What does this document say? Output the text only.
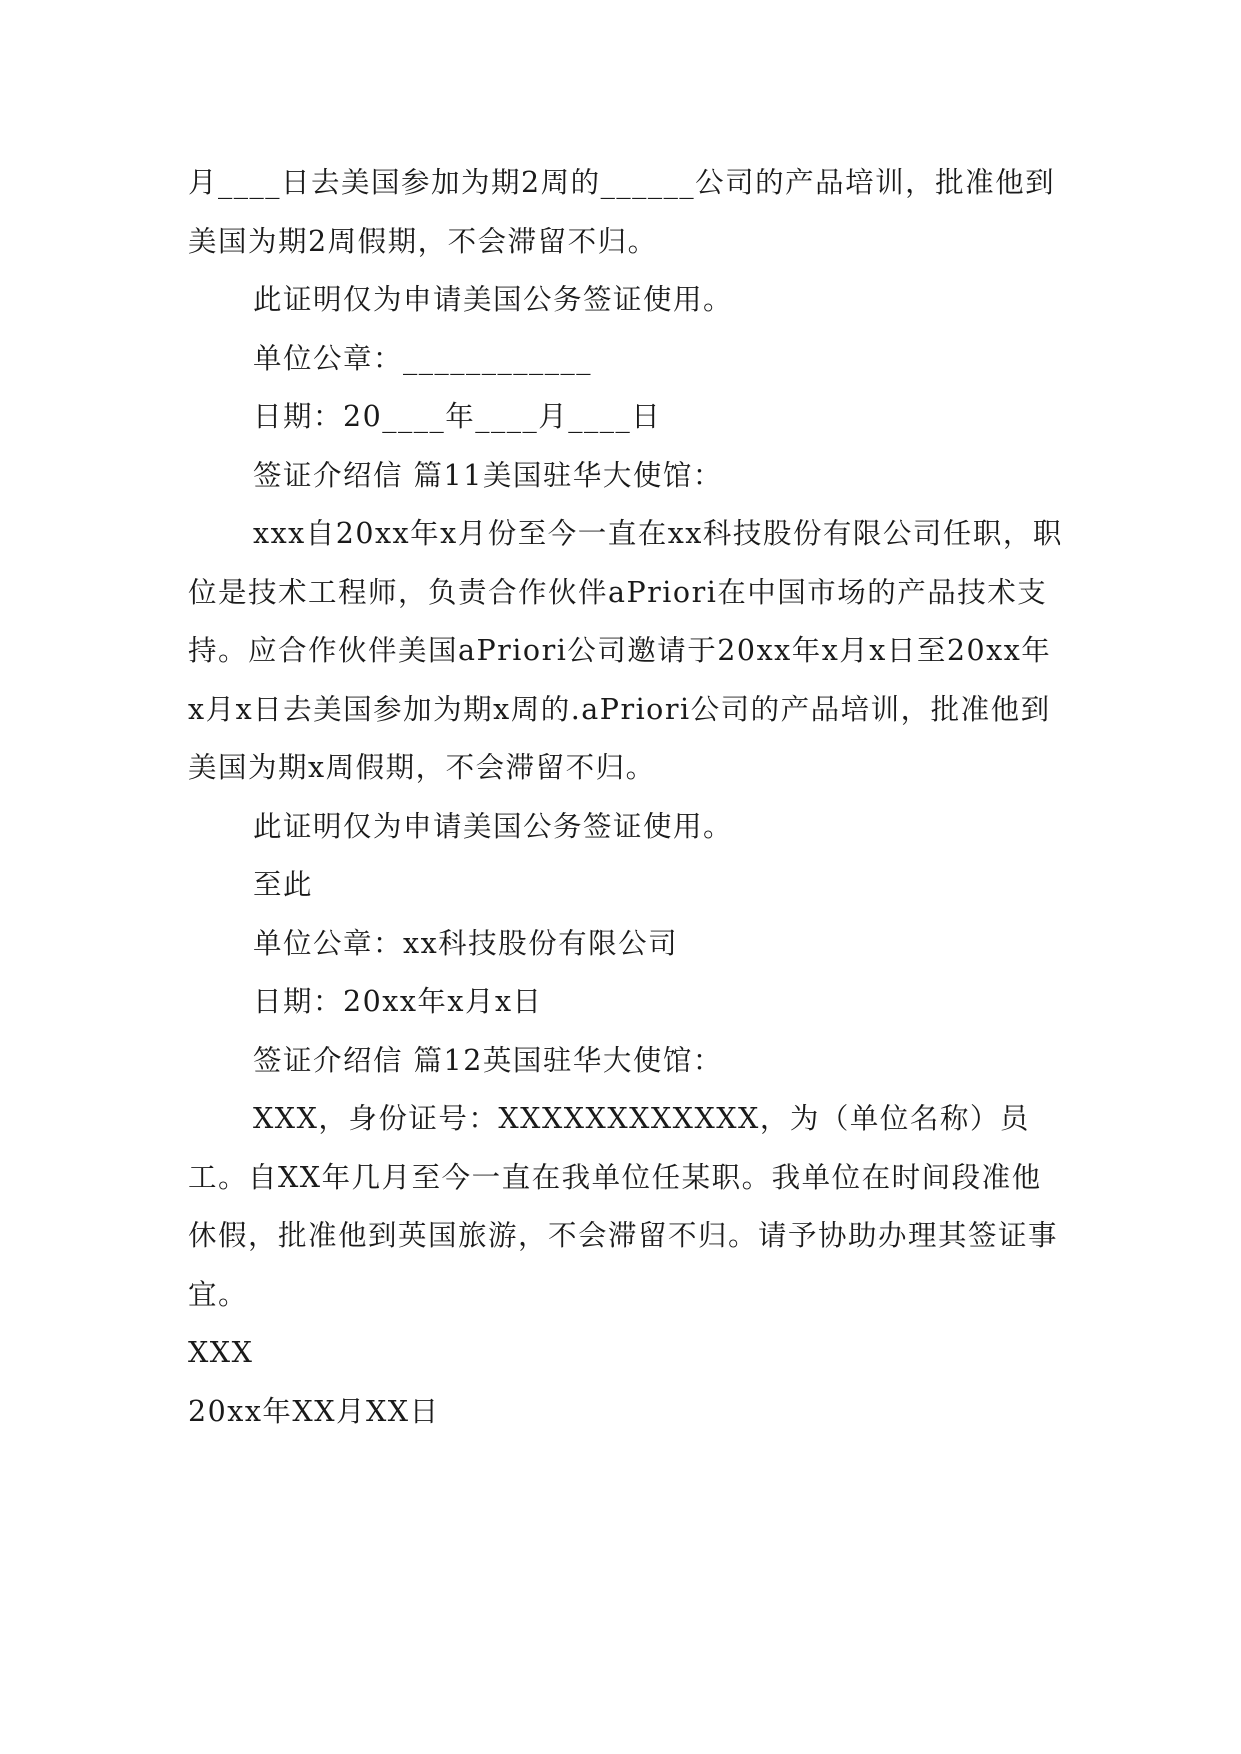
月____日去美国参加为期2周的______公司的产品培训，批准他到美国为期2周假期，不会滞留不归。

此证明仅为申请美国公务签证使用。

单位公章：____________

日期：20____年____月____日

签证介绍信 篇11美国驻华大使馆：

xxx自20xx年x月份至今一直在xx科技股份有限公司任职，职位是技术工程师，负责合作伙伴aPriori在中国市场的产品技术支持。应合作伙伴美国aPriori公司邀请于20xx年x月x日至20xx年x月x日去美国参加为期x周的.aPriori公司的产品培训，批准他到美国为期x周假期，不会滞留不归。

此证明仅为申请美国公务签证使用。

至此

单位公章：xx科技股份有限公司

日期：20xx年x月x日

签证介绍信 篇12英国驻华大使馆：

XXX，身份证号：XXXXXXXXXXXX，为（单位名称）员工。自XX年几月至今一直在我单位任某职。我单位在时间段准他休假，批准他到英国旅游，不会滞留不归。请予协助办理其签证事宜。

XXX

20xx年XX月XX日
